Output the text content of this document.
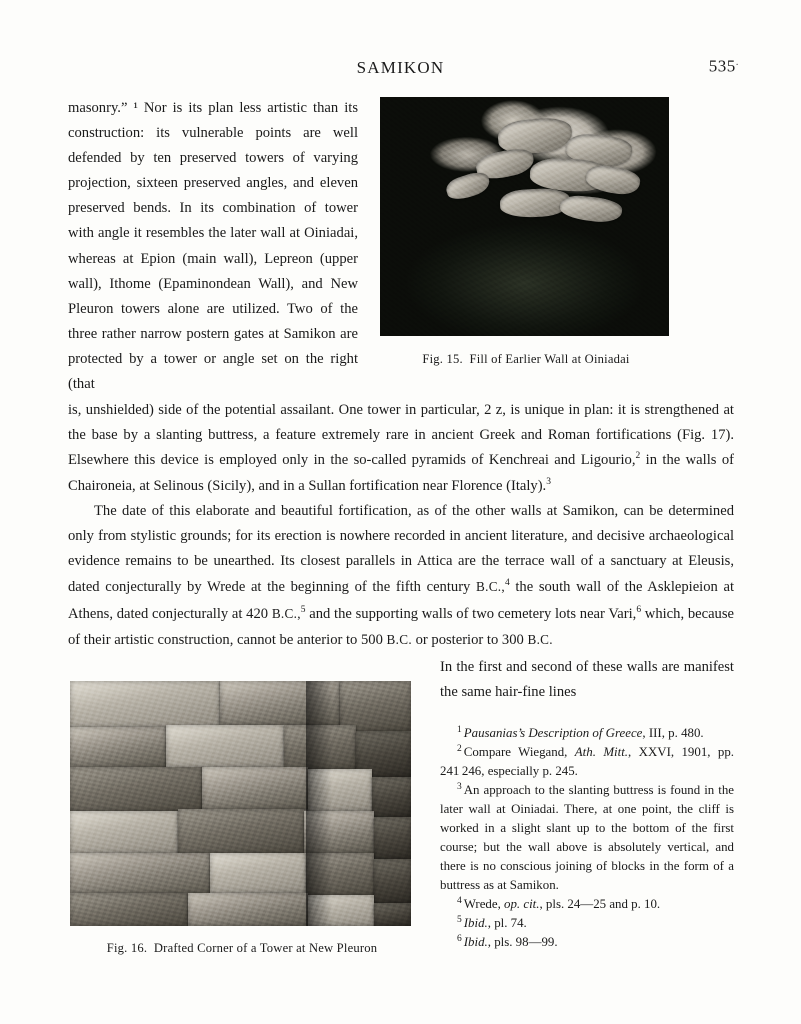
SAMIKON	535.

masonry.” ¹ Nor is its plan less artistic than its construction: its vulnerable points are well defended by ten preserved towers of varying projection, sixteen preserved angles, and eleven preserved bends. In its combination of tower with angle it resembles the later wall at Oiniadai, whereas at Epion (main wall), Lepreon (upper wall), Ithome (Epaminondean Wall), and New Pleuron towers alone are utilized. Two of the three rather narrow postern gates at Samikon are protected by a tower or angle set on the right (that

Fig. 15. Fill of Earlier Wall at Oiniadai

is, unshielded) side of the potential assailant. One tower in particular, 2 z, is unique in plan: it is strengthened at the base by a slanting buttress, a feature extremely rare in ancient Greek and Roman fortifications (Fig. 17). Elsewhere this device is employed only in the so-called pyramids of Kenchreai and Ligourio,$^2$ in the walls of Chaironeia, at Selinous (Sicily), and in a Sullan fortification near Florence (Italy).$^3$

The date of this elaborate and beautiful fortification, as of the other walls at Samikon, can be determined only from stylistic grounds; for its erection is nowhere recorded in ancient literature, and decisive archaeological evidence remains to be unearthed. Its closest parallels in Attica are the terrace wall of a sanctuary at Eleusis, dated conjecturally by Wrede at the beginning of the fifth century B.C.,$^4$ the south wall of the Asklepieion at Athens, dated conjecturally at 420 B.C.,$^5$ and the supporting walls of two cemetery lots near Vari,$^6$ which, because of their artistic construction, cannot be anterior to 500 B.C. or posterior to 300 B.C.

In the first and second of these walls are manifest the same hair-fine lines

$^1$ Pausanias’s Description of Greece, III, p. 480.

$^2$ Compare Wiegand, Ath. Mitt., XXVI, 1901, pp. 241 246, especially p. 245.

$^3$ An approach to the slanting buttress is found in the later wall at Oiniadai. There, at one point, the cliff is worked in a slight slant up to the bottom of the first course; but the wall above is absolutely vertical, and there is no conscious joining of blocks in the form of a buttress as at Samikon.

$^4$ Wrede, op. cit., pls. 24—25 and p. 10.

$^5$ Ibid., pl. 74.

$^6$ Ibid., pls. 98—99.

Fig. 16. Drafted Corner of a Tower at New Pleuron
